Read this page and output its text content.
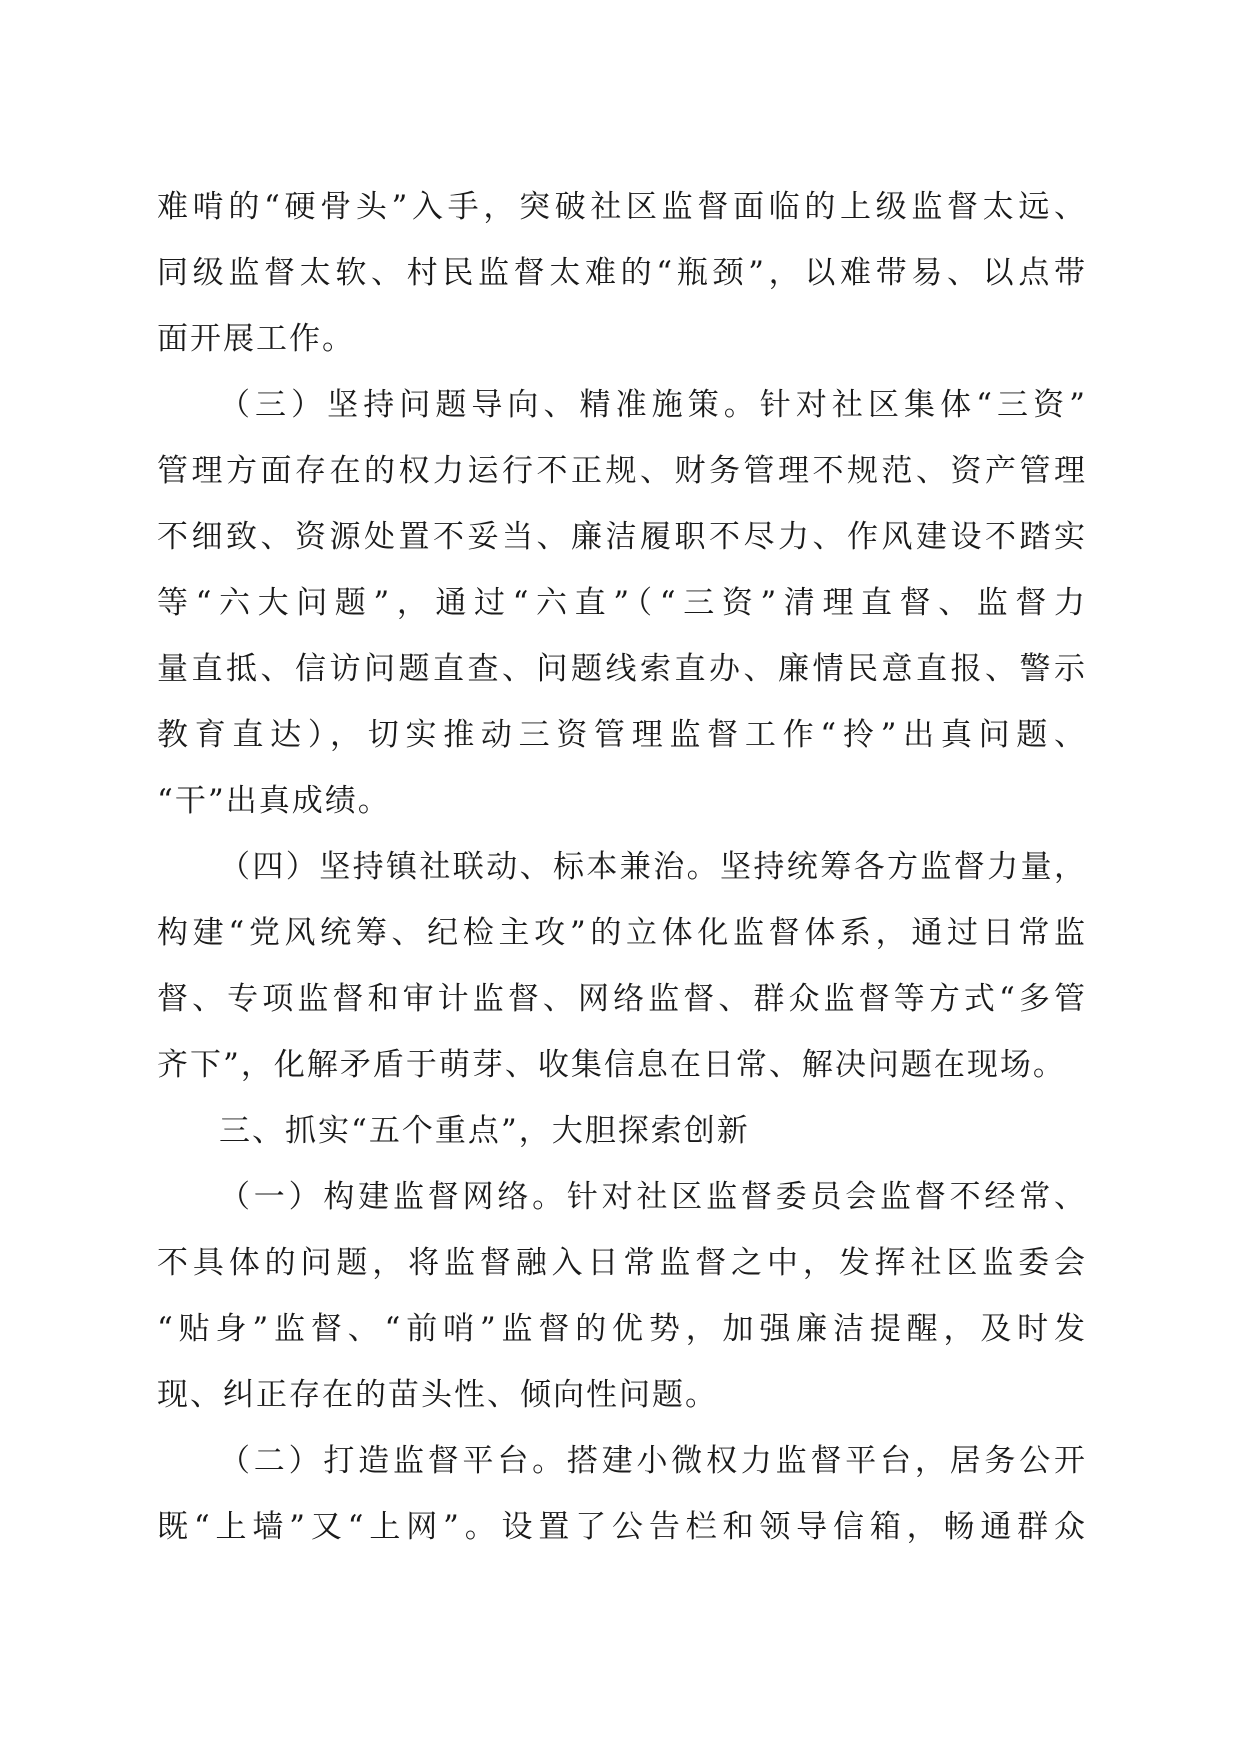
难啃的“硬骨头”入手，突破社区监督面临的上级监督太远、
同级监督太软、村民监督太难的“瓶颈”，以难带易、以点带
面开展工作。

（三）坚持问题导向、精准施策。针对社区集体“三资”
管理方面存在的权力运行不正规、财务管理不规范、资产管理
不细致、资源处置不妥当、廉洁履职不尽力、作风建设不踏实
等“六大问题”，通过“六直”（“三资”清理直督、监督力
量直抵、信访问题直查、问题线索直办、廉情民意直报、警示
教育直达），切实推动三资管理监督工作“拎”出真问题、
“干”出真成绩。

（四）坚持镇社联动、标本兼治。坚持统筹各方监督力量，
构建“党风统筹、纪检主攻”的立体化监督体系，通过日常监
督、专项监督和审计监督、网络监督、群众监督等方式“多管
齐下”，化解矛盾于萌芽、收集信息在日常、解决问题在现场。

三、抓实“五个重点”，大胆探索创新

（一）构建监督网络。针对社区监督委员会监督不经常、
不具体的问题，将监督融入日常监督之中，发挥社区监委会
“贴身”监督、“前哨”监督的优势，加强廉洁提醒，及时发
现、纠正存在的苗头性、倾向性问题。

（二）打造监督平台。搭建小微权力监督平台，居务公开
既“上墙”又“上网”。设置了公告栏和领导信箱，畅通群众
